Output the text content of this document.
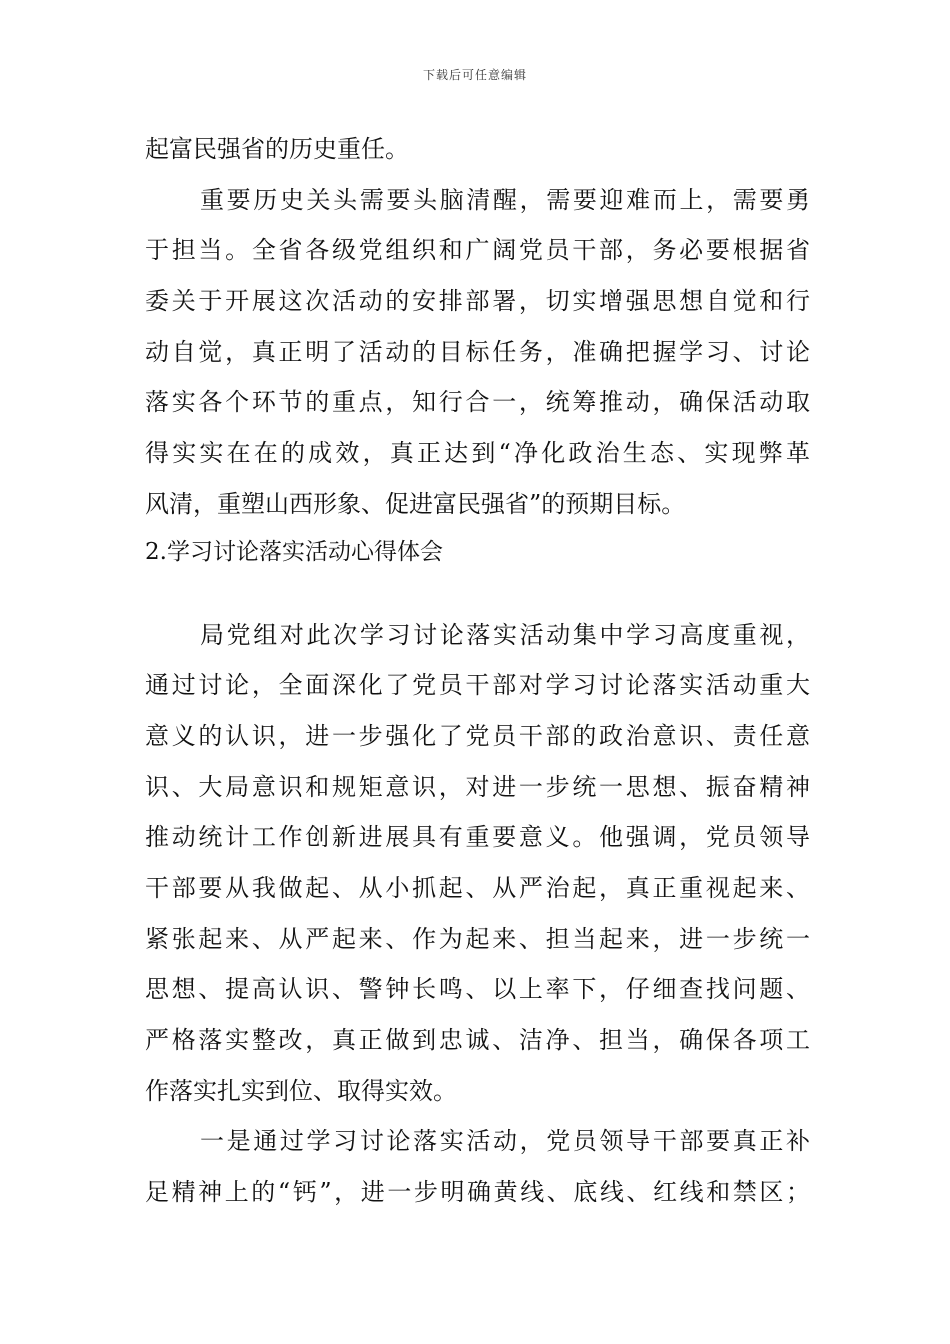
下载后可任意编辑
起富民强省的历史重任。
重要历史关头需要头脑清醒，需要迎难而上，需要勇
于担当。全省各级党组织和广阔党员干部，务必要根据省
委关于开展这次活动的安排部署，切实增强思想自觉和行
动自觉，真正明了活动的目标任务，准确把握学习、讨论
落实各个环节的重点，知行合一，统筹推动，确保活动取
得实实在在的成效，真正达到“净化政治生态、实现弊革
风清，重塑山西形象、促进富民强省”的预期目标。
2.学习讨论落实活动心得体会
局党组对此次学习讨论落实活动集中学习高度重视，
通过讨论，全面深化了党员干部对学习讨论落实活动重大
意义的认识，进一步强化了党员干部的政治意识、责任意
识、大局意识和规矩意识，对进一步统一思想、振奋精神
推动统计工作创新进展具有重要意义。他强调，党员领导
干部要从我做起、从小抓起、从严治起，真正重视起来、
紧张起来、从严起来、作为起来、担当起来，进一步统一
思想、提高认识、警钟长鸣、以上率下，仔细查找问题、
严格落实整改，真正做到忠诚、洁净、担当，确保各项工
作落实扎实到位、取得实效。
一是通过学习讨论落实活动，党员领导干部要真正补
足精神上的“钙”，进一步明确黄线、底线、红线和禁区；
